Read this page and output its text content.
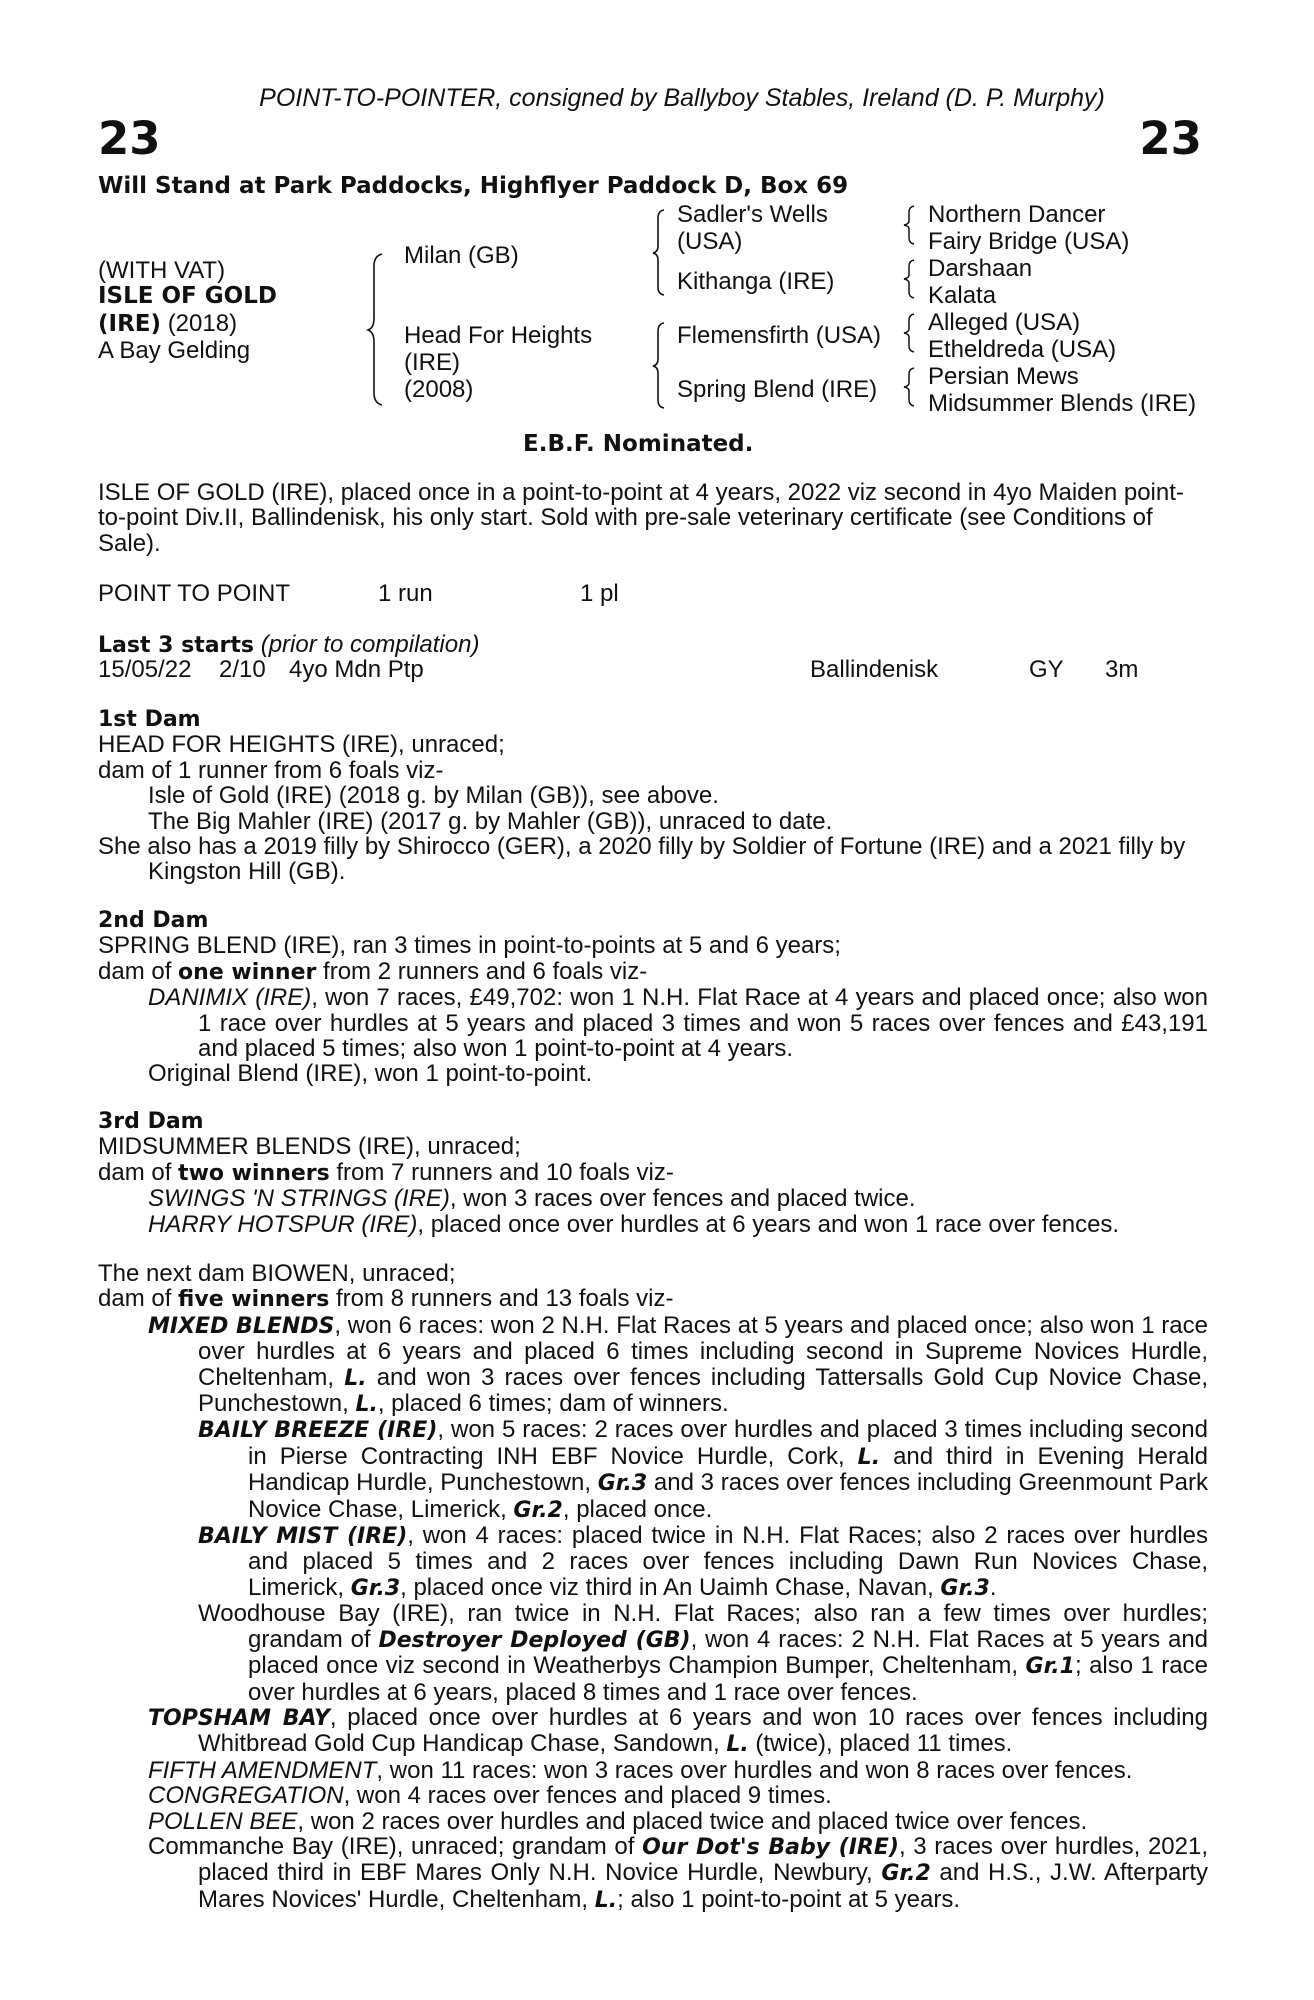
POINT-TO-POINTER, consigned by Ballyboy Stables, Ireland (D. P. Murphy)
23	23
Will Stand at Park Paddocks, Highflyer Paddock D, Box 69
(WITH VAT)
ISLE OF GOLD
(IRE) (2018)
A Bay Gelding
Milan (GB)
Head For Heights
(IRE)
(2008)
Sadler's Wells
(USA)
Kithanga (IRE)
Flemensfirth (USA)
Spring Blend (IRE)
Northern Dancer
Fairy Bridge (USA)
Darshaan
Kalata
Alleged (USA)
Etheldreda (USA)
Persian Mews
Midsummer Blends (IRE)
E.B.F. Nominated.

ISLE OF GOLD (IRE), placed once in a point-to-point at 4 years, 2022 viz second in 4yo Maiden point-to-point Div.II, Ballindenisk, his only start. Sold with pre-sale veterinary certificate (see Conditions of Sale).

POINT TO POINT	1 run	1 pl
Last 3 starts (prior to compilation)
15/05/22 2/10 4yo Mdn Ptp	Ballindenisk	GY 3m

1st Dam

HEAD FOR HEIGHTS (IRE), unraced;

dam of 1 runner from 6 foals viz-

Isle of Gold (IRE) (2018 g. by Milan (GB)), see above.

The Big Mahler (IRE) (2017 g. by Mahler (GB)), unraced to date.

She also has a 2019 filly by Shirocco (GER), a 2020 filly by Soldier of Fortune (IRE) and a 2021 filly by Kingston Hill (GB).

2nd Dam

SPRING BLEND (IRE), ran 3 times in point-to-points at 5 and 6 years;

dam of one winner from 2 runners and 6 foals viz-

DANIMIX (IRE), won 7 races, £49,702: won 1 N.H. Flat Race at 4 years and placed once; also won 1 race over hurdles at 5 years and placed 3 times and won 5 races over fences and £43,191 and placed 5 times; also won 1 point-to-point at 4 years.

Original Blend (IRE), won 1 point-to-point.

3rd Dam

MIDSUMMER BLENDS (IRE), unraced;

dam of two winners from 7 runners and 10 foals viz-

SWINGS 'N STRINGS (IRE), won 3 races over fences and placed twice.

HARRY HOTSPUR (IRE), placed once over hurdles at 6 years and won 1 race over fences.

The next dam BIOWEN, unraced;

dam of five winners from 8 runners and 13 foals viz-

MIXED BLENDS, won 6 races: won 2 N.H. Flat Races at 5 years and placed once; also won 1 race over hurdles at 6 years and placed 6 times including second in Supreme Novices Hurdle, Cheltenham, L. and won 3 races over fences including Tattersalls Gold Cup Novice Chase, Punchestown, L., placed 6 times; dam of winners.

BAILY BREEZE (IRE), won 5 races: 2 races over hurdles and placed 3 times including second in Pierse Contracting INH EBF Novice Hurdle, Cork, L. and third in Evening Herald Handicap Hurdle, Punchestown, Gr.3 and 3 races over fences including Greenmount Park Novice Chase, Limerick, Gr.2, placed once.

BAILY MIST (IRE), won 4 races: placed twice in N.H. Flat Races; also 2 races over hurdles and placed 5 times and 2 races over fences including Dawn Run Novices Chase, Limerick, Gr.3, placed once viz third in An Uaimh Chase, Navan, Gr.3.

Woodhouse Bay (IRE), ran twice in N.H. Flat Races; also ran a few times over hurdles; grandam of Destroyer Deployed (GB), won 4 races: 2 N.H. Flat Races at 5 years and placed once viz second in Weatherbys Champion Bumper, Cheltenham, Gr.1; also 1 race over hurdles at 6 years, placed 8 times and 1 race over fences.

TOPSHAM BAY, placed once over hurdles at 6 years and won 10 races over fences including Whitbread Gold Cup Handicap Chase, Sandown, L. (twice), placed 11 times.

FIFTH AMENDMENT, won 11 races: won 3 races over hurdles and won 8 races over fences.

CONGREGATION, won 4 races over fences and placed 9 times.

POLLEN BEE, won 2 races over hurdles and placed twice and placed twice over fences.

Commanche Bay (IRE), unraced; grandam of Our Dot's Baby (IRE), 3 races over hurdles, 2021, placed third in EBF Mares Only N.H. Novice Hurdle, Newbury, Gr.2 and H.S., J.W. Afterparty Mares Novices' Hurdle, Cheltenham, L.; also 1 point-to-point at 5 years.
